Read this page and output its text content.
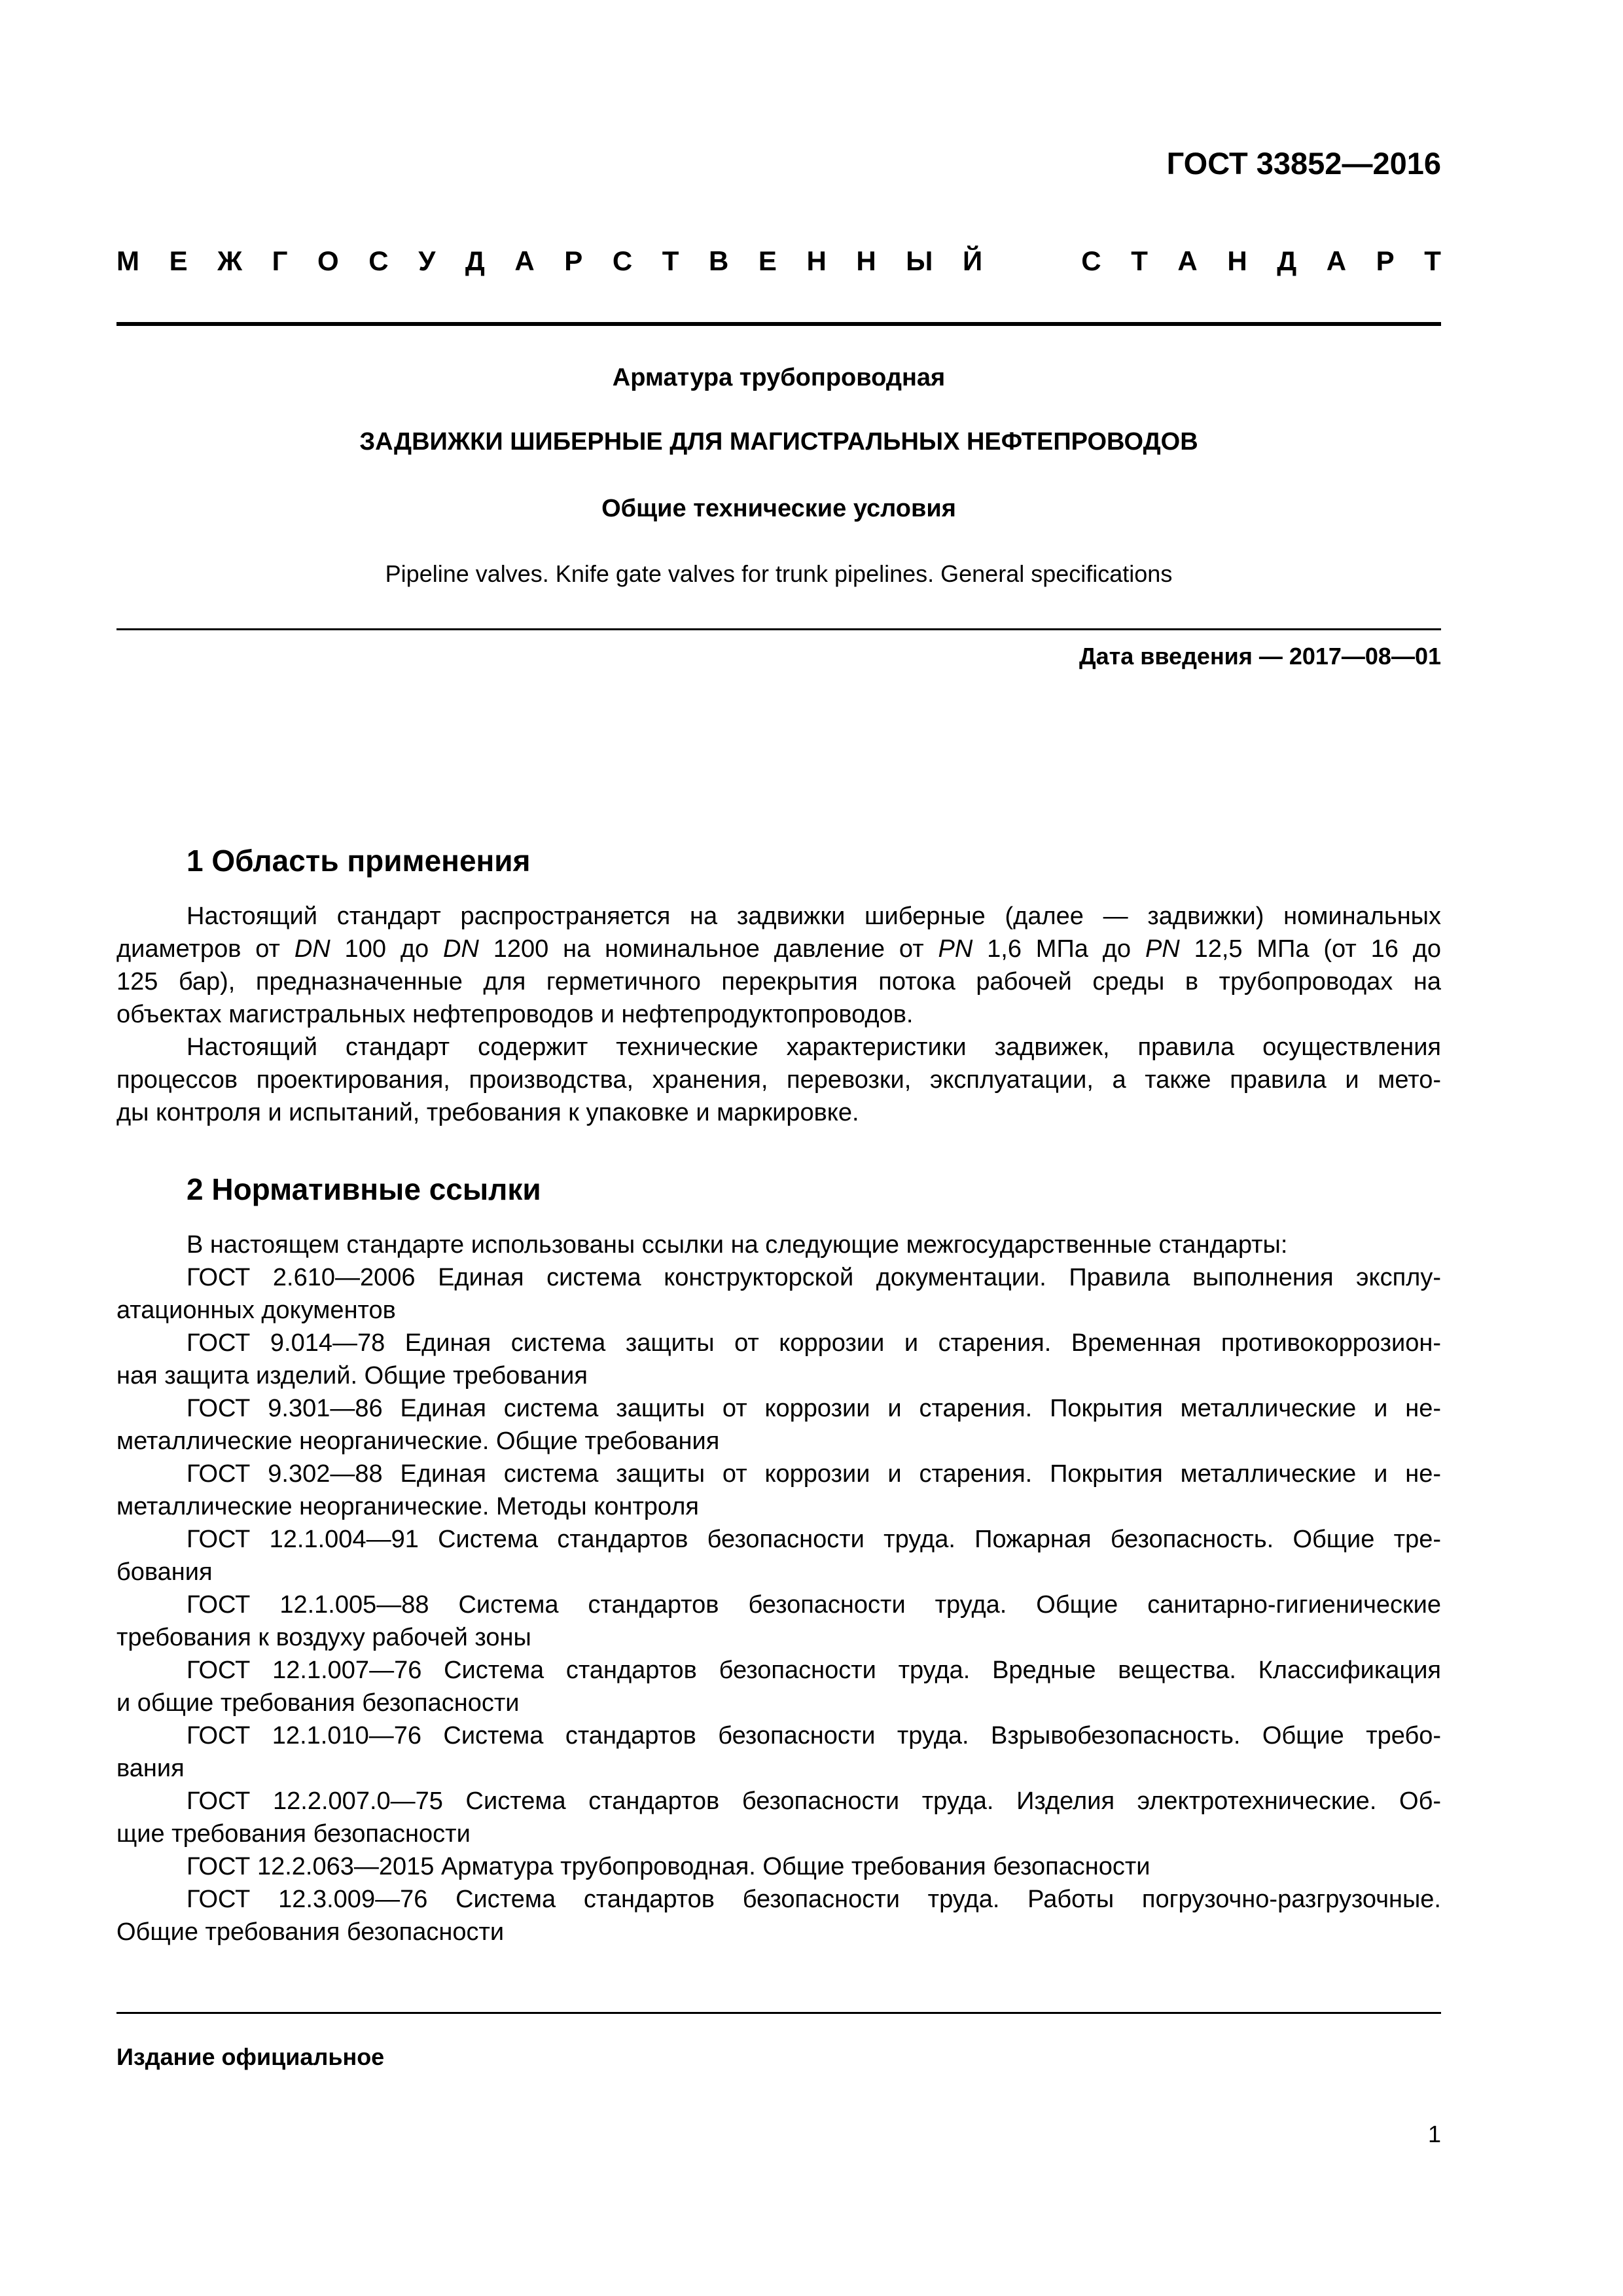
ГОСТ 33852—2016
М Е Ж Г О С У Д А Р С Т В Е Н Н Ы Й	С Т А Н Д А Р Т
Арматура трубопроводная
ЗАДВИЖКИ ШИБЕРНЫЕ ДЛЯ МАГИСТРАЛЬНЫХ НЕФТЕПРОВОДОВ
Общие технические условия
Pipeline valves. Knife gate valves for trunk pipelines. General specifications
Дата введения — 2017—08—01
1 Область применения
Настоящий стандарт распространяется на задвижки шиберные (далее — задвижки) номинальных
диаметров от DN 100 до DN 1200 на номинальное давление от PN 1,6 МПа до PN 12,5 МПа (от 16 до
125 бар), предназначенные для герметичного перекрытия потока рабочей среды в трубопроводах на
объектах магистральных нефтепроводов и нефтепродуктопроводов.
Настоящий стандарт содержит технические характеристики задвижек, правила осуществления
процессов проектирования, производства, хранения, перевозки, эксплуатации, а также правила и мето-
ды контроля и испытаний, требования к упаковке и маркировке.
2 Нормативные ссылки
В настоящем стандарте использованы ссылки на следующие межгосударственные стандарты:
ГОСТ 2.610—2006 Единая система конструкторской документации. Правила выполнения эксплу-
атационных документов
ГОСТ 9.014—78 Единая система защиты от коррозии и старения. Временная противокоррозион-
ная защита изделий. Общие требования
ГОСТ 9.301—86 Единая система защиты от коррозии и старения. Покрытия металлические и не-
металлические неорганические. Общие требования
ГОСТ 9.302—88 Единая система защиты от коррозии и старения. Покрытия металлические и не-
металлические неорганические. Методы контроля
ГОСТ 12.1.004—91 Система стандартов безопасности труда. Пожарная безопасность. Общие тре-
бования
ГОСТ 12.1.005—88 Система стандартов безопасности труда. Общие санитарно-гигиенические
требования к воздуху рабочей зоны
ГОСТ 12.1.007—76 Система стандартов безопасности труда. Вредные вещества. Классификация
и общие требования безопасности
ГОСТ 12.1.010—76 Система стандартов безопасности труда. Взрывобезопасность. Общие требо-
вания
ГОСТ 12.2.007.0—75 Система стандартов безопасности труда. Изделия электротехнические. Об-
щие требования безопасности
ГОСТ 12.2.063—2015 Арматура трубопроводная. Общие требования безопасности
ГОСТ 12.3.009—76 Система стандартов безопасности труда. Работы погрузочно-разгрузочные.
Общие требования безопасности
Издание официальное
1
